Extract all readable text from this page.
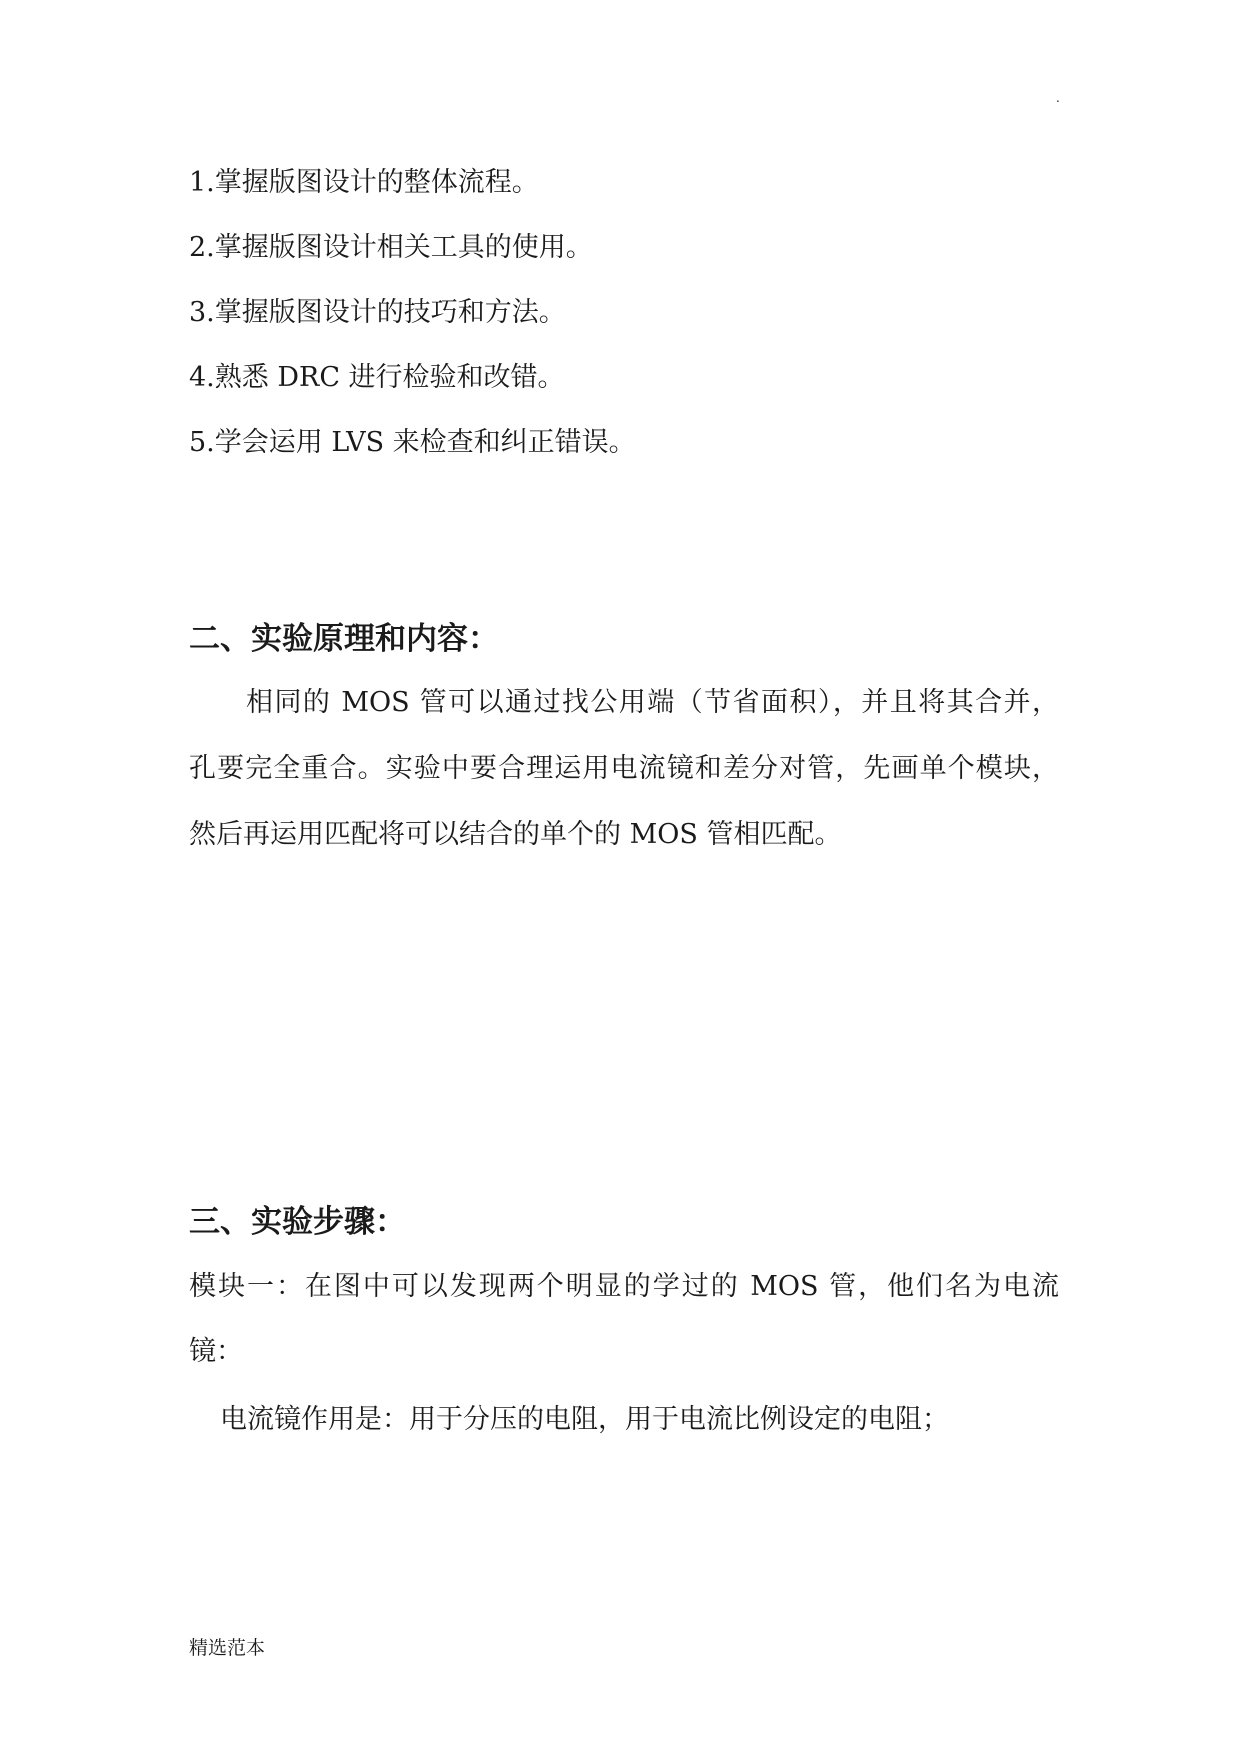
.
1.掌握版图设计的整体流程。
2.掌握版图设计相关工具的使用。
3.掌握版图设计的技巧和方法。
4.熟悉 DRC 进行检验和改错。
5.学会运用 LVS 来检查和纠正错误。
二、实验原理和内容：
相同的 MOS 管可以通过找公用端（节省面积），并且将其合并，
孔要完全重合。实验中要合理运用电流镜和差分对管，先画单个模块，
然后再运用匹配将可以结合的单个的 MOS 管相匹配。
三、实验步骤：
模块一：在图中可以发现两个明显的学过的 MOS 管，他们名为电流
镜：
电流镜作用是：用于分压的电阻，用于电流比例设定的电阻；
精选范本
